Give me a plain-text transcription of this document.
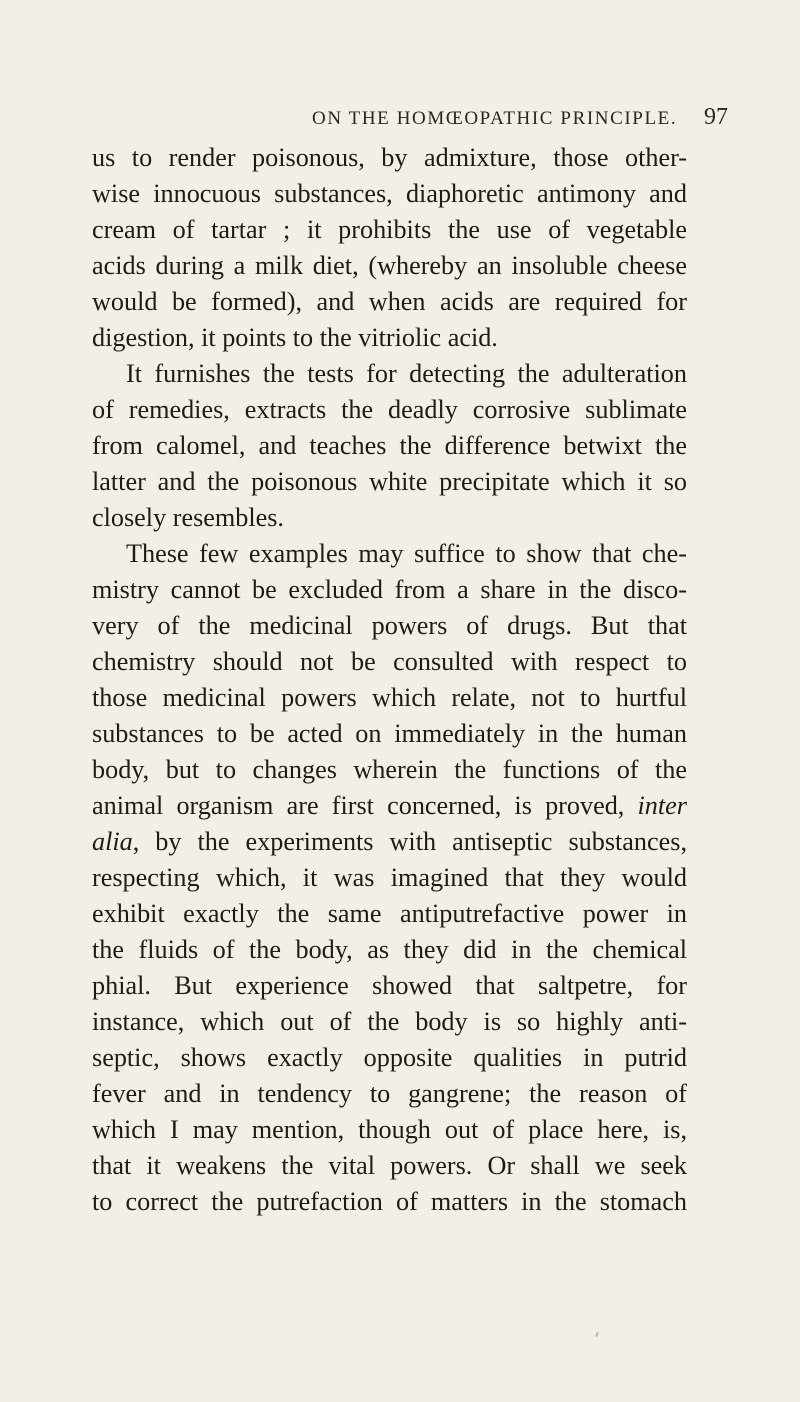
ON THE HOMŒOPATHIC PRINCIPLE. 97
us to render poisonous, by admixture, those other-
wise innocuous substances, diaphoretic antimony and
cream of tartar ; it prohibits the use of vegetable
acids during a milk diet, (whereby an insoluble cheese
would be formed), and when acids are required for
digestion, it points to the vitriolic acid.
It furnishes the tests for detecting the adulteration
of remedies, extracts the deadly corrosive sublimate
from calomel, and teaches the difference betwixt the
latter and the poisonous white precipitate which it so
closely resembles.
These few examples may suffice to show that che-
mistry cannot be excluded from a share in the disco-
very of the medicinal powers of drugs. But that
chemistry should not be consulted with respect to
those medicinal powers which relate, not to hurtful
substances to be acted on immediately in the human
body, but to changes wherein the functions of the
animal organism are first concerned, is proved, inter
alia, by the experiments with antiseptic substances,
respecting which, it was imagined that they would
exhibit exactly the same antiputrefactive power in
the fluids of the body, as they did in the chemical
phial. But experience showed that saltpetre, for
instance, which out of the body is so highly anti-
septic, shows exactly opposite qualities in putrid
fever and in tendency to gangrene; the reason of
which I may mention, though out of place here, is,
that it weakens the vital powers. Or shall we seek
to correct the putrefaction of matters in the stomach
